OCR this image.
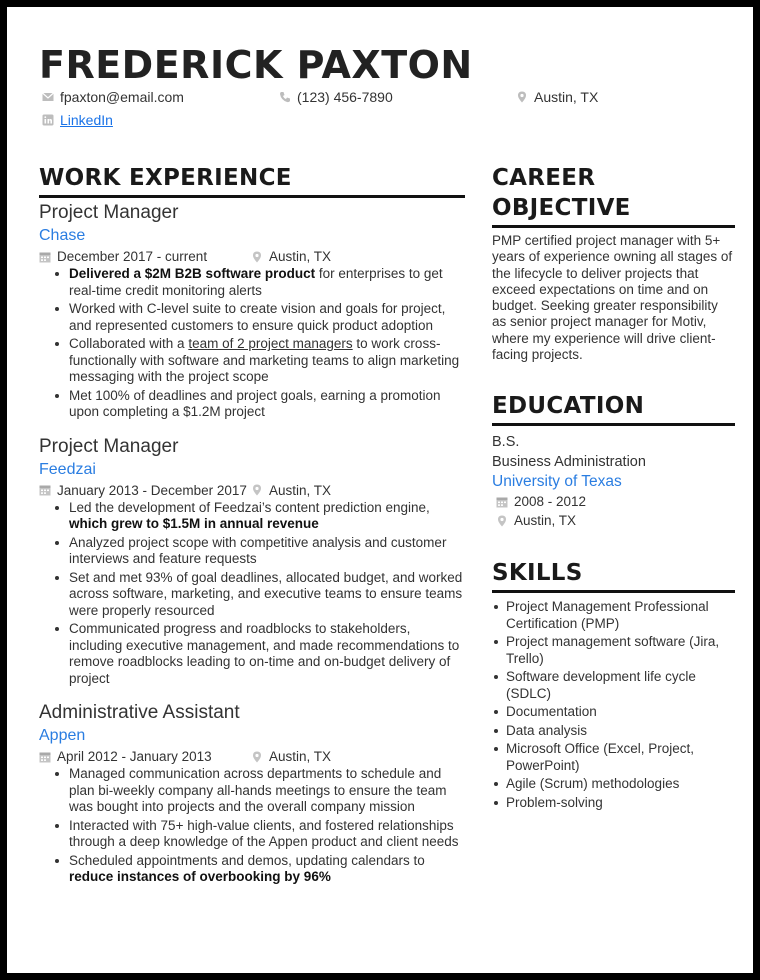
FREDERICK PAXTON
fpaxton@email.com	(123) 456-7890	Austin, TX
LinkedIn
WORK EXPERIENCE
Project Manager
Chase
December 2017 - current	Austin, TX
Delivered a $2M B2B software product for enterprises to get real-time credit monitoring alerts
Worked with C-level suite to create vision and goals for project, and represented customers to ensure quick product adoption
Collaborated with a team of 2 project managers to work cross-functionally with software and marketing teams to align marketing messaging with the project scope
Met 100% of deadlines and project goals, earning a promotion upon completing a $1.2M project
Project Manager
Feedzai
January 2013 - December 2017 Austin, TX
Led the development of Feedzai’s content prediction engine, which grew to $1.5M in annual revenue
Analyzed project scope with competitive analysis and customer interviews and feature requests
Set and met 93% of goal deadlines, allocated budget, and worked across software, marketing, and executive teams to ensure teams were properly resourced
Communicated progress and roadblocks to stakeholders, including executive management, and made recommendations to remove roadblocks leading to on-time and on-budget delivery of project
Administrative Assistant
Appen
April 2012 - January 2013	Austin, TX
Managed communication across departments to schedule and plan bi-weekly company all-hands meetings to ensure the team was bought into projects and the overall company mission
Interacted with 75+ high-value clients, and fostered relationships through a deep knowledge of the Appen product and client needs
Scheduled appointments and demos, updating calendars to reduce instances of overbooking by 96%
CAREER
OBJECTIVE
PMP certified project manager with 5+ years of experience owning all stages of the lifecycle to deliver projects that exceed expectations on time and on budget. Seeking greater responsibility as senior project manager for Motiv, where my experience will drive client-facing projects.
EDUCATION
B.S.
Business Administration
University of Texas
2008 - 2012
Austin, TX
SKILLS
Project Management Professional Certification (PMP)
Project management software (Jira, Trello)
Software development life cycle (SDLC)
Documentation
Data analysis
Microsoft Office (Excel, Project, PowerPoint)
Agile (Scrum) methodologies
Problem-solving
